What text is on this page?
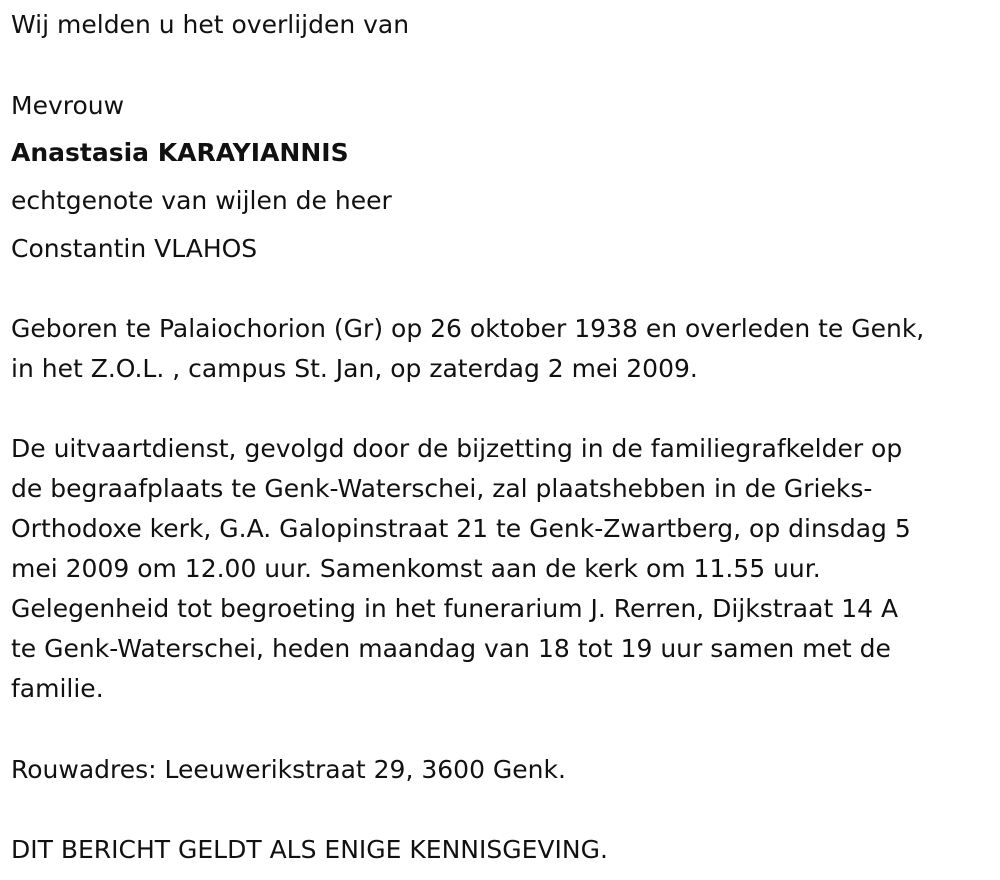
Wij melden u het overlijden van
Mevrouw
Anastasia KARAYIANNIS
echtgenote van wijlen de heer
Constantin VLAHOS
Geboren te Palaiochorion (Gr) op 26 oktober 1938 en overleden te Genk,
in het Z.O.L. , campus St. Jan, op zaterdag 2 mei 2009.
De uitvaartdienst, gevolgd door de bijzetting in de familiegrafkelder op
de begraafplaats te Genk-Waterschei, zal plaatshebben in de Grieks-
Orthodoxe kerk, G.A. Galopinstraat 21 te Genk-Zwartberg, op dinsdag 5
mei 2009 om 12.00 uur. Samenkomst aan de kerk om 11.55 uur.
Gelegenheid tot begroeting in het funerarium J. Rerren, Dijkstraat 14 A
te Genk-Waterschei, heden maandag van 18 tot 19 uur samen met de
familie.
Rouwadres: Leeuwerikstraat 29, 3600 Genk.
DIT BERICHT GELDT ALS ENIGE KENNISGEVING.
